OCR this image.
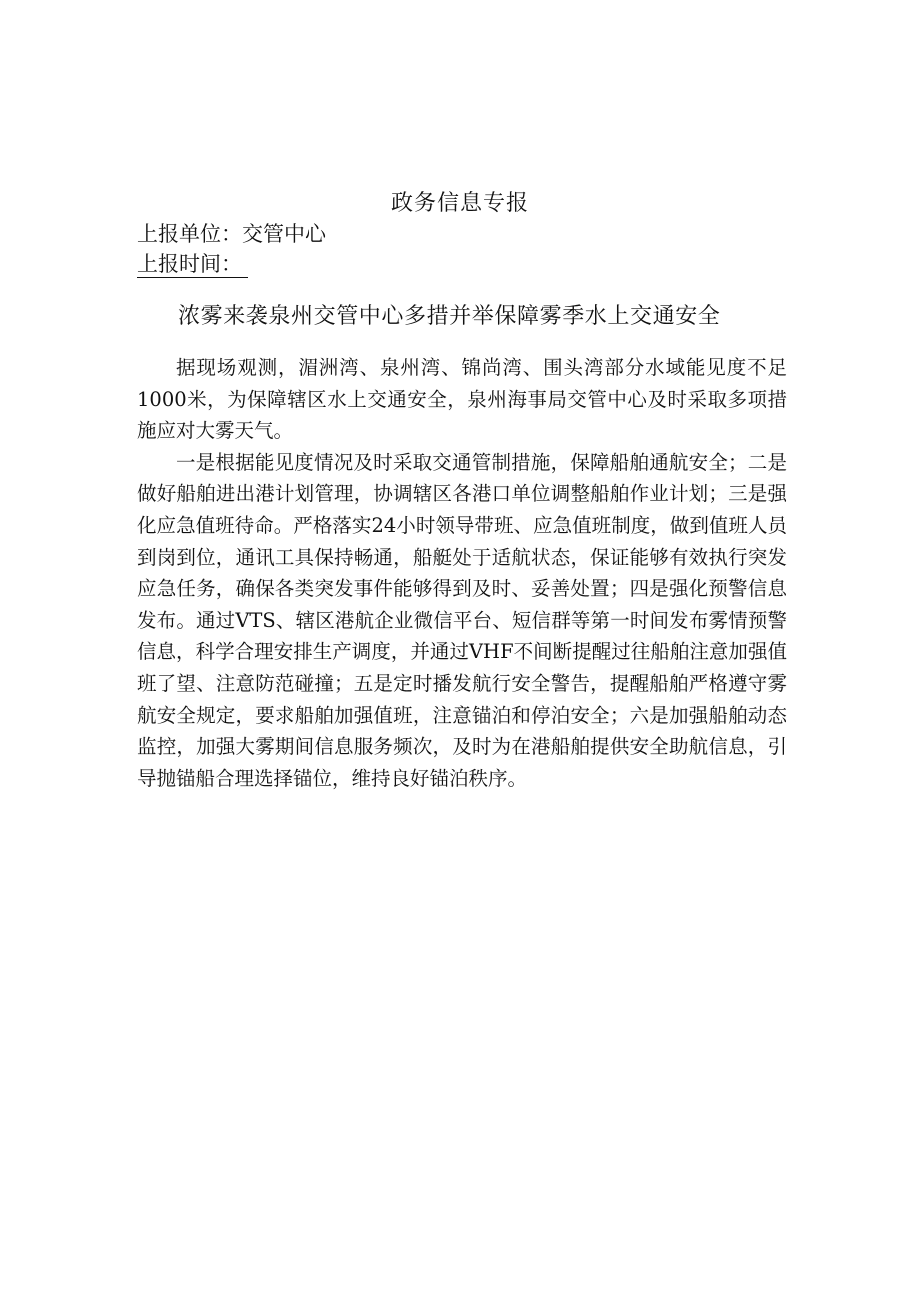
政务信息专报
上报单位：交管中心
上报时间：
浓雾来袭泉州交管中心多措并举保障雾季水上交通安全

据现场观测，湄洲湾、泉州湾、锦尚湾、围头湾部分水域能见度不足1000米，为保障辖区水上交通安全，泉州海事局交管中心及时采取多项措施应对大雾天气。

一是根据能见度情况及时采取交通管制措施，保障船舶通航安全；二是做好船舶进出港计划管理，协调辖区各港口单位调整船舶作业计划；三是强化应急值班待命。严格落实24小时领导带班、应急值班制度，做到值班人员到岗到位，通讯工具保持畅通，船艇处于适航状态，保证能够有效执行突发应急任务，确保各类突发事件能够得到及时、妥善处置；四是强化预警信息发布。通过VTS、辖区港航企业微信平台、短信群等第一时间发布雾情预警信息，科学合理安排生产调度，并通过VHF不间断提醒过往船舶注意加强值班了望、注意防范碰撞；五是定时播发航行安全警告，提醒船舶严格遵守雾航安全规定，要求船舶加强值班，注意锚泊和停泊安全；六是加强船舶动态监控，加强大雾期间信息服务频次，及时为在港船舶提供安全助航信息，引导抛锚船合理选择锚位，维持良好锚泊秩序。
